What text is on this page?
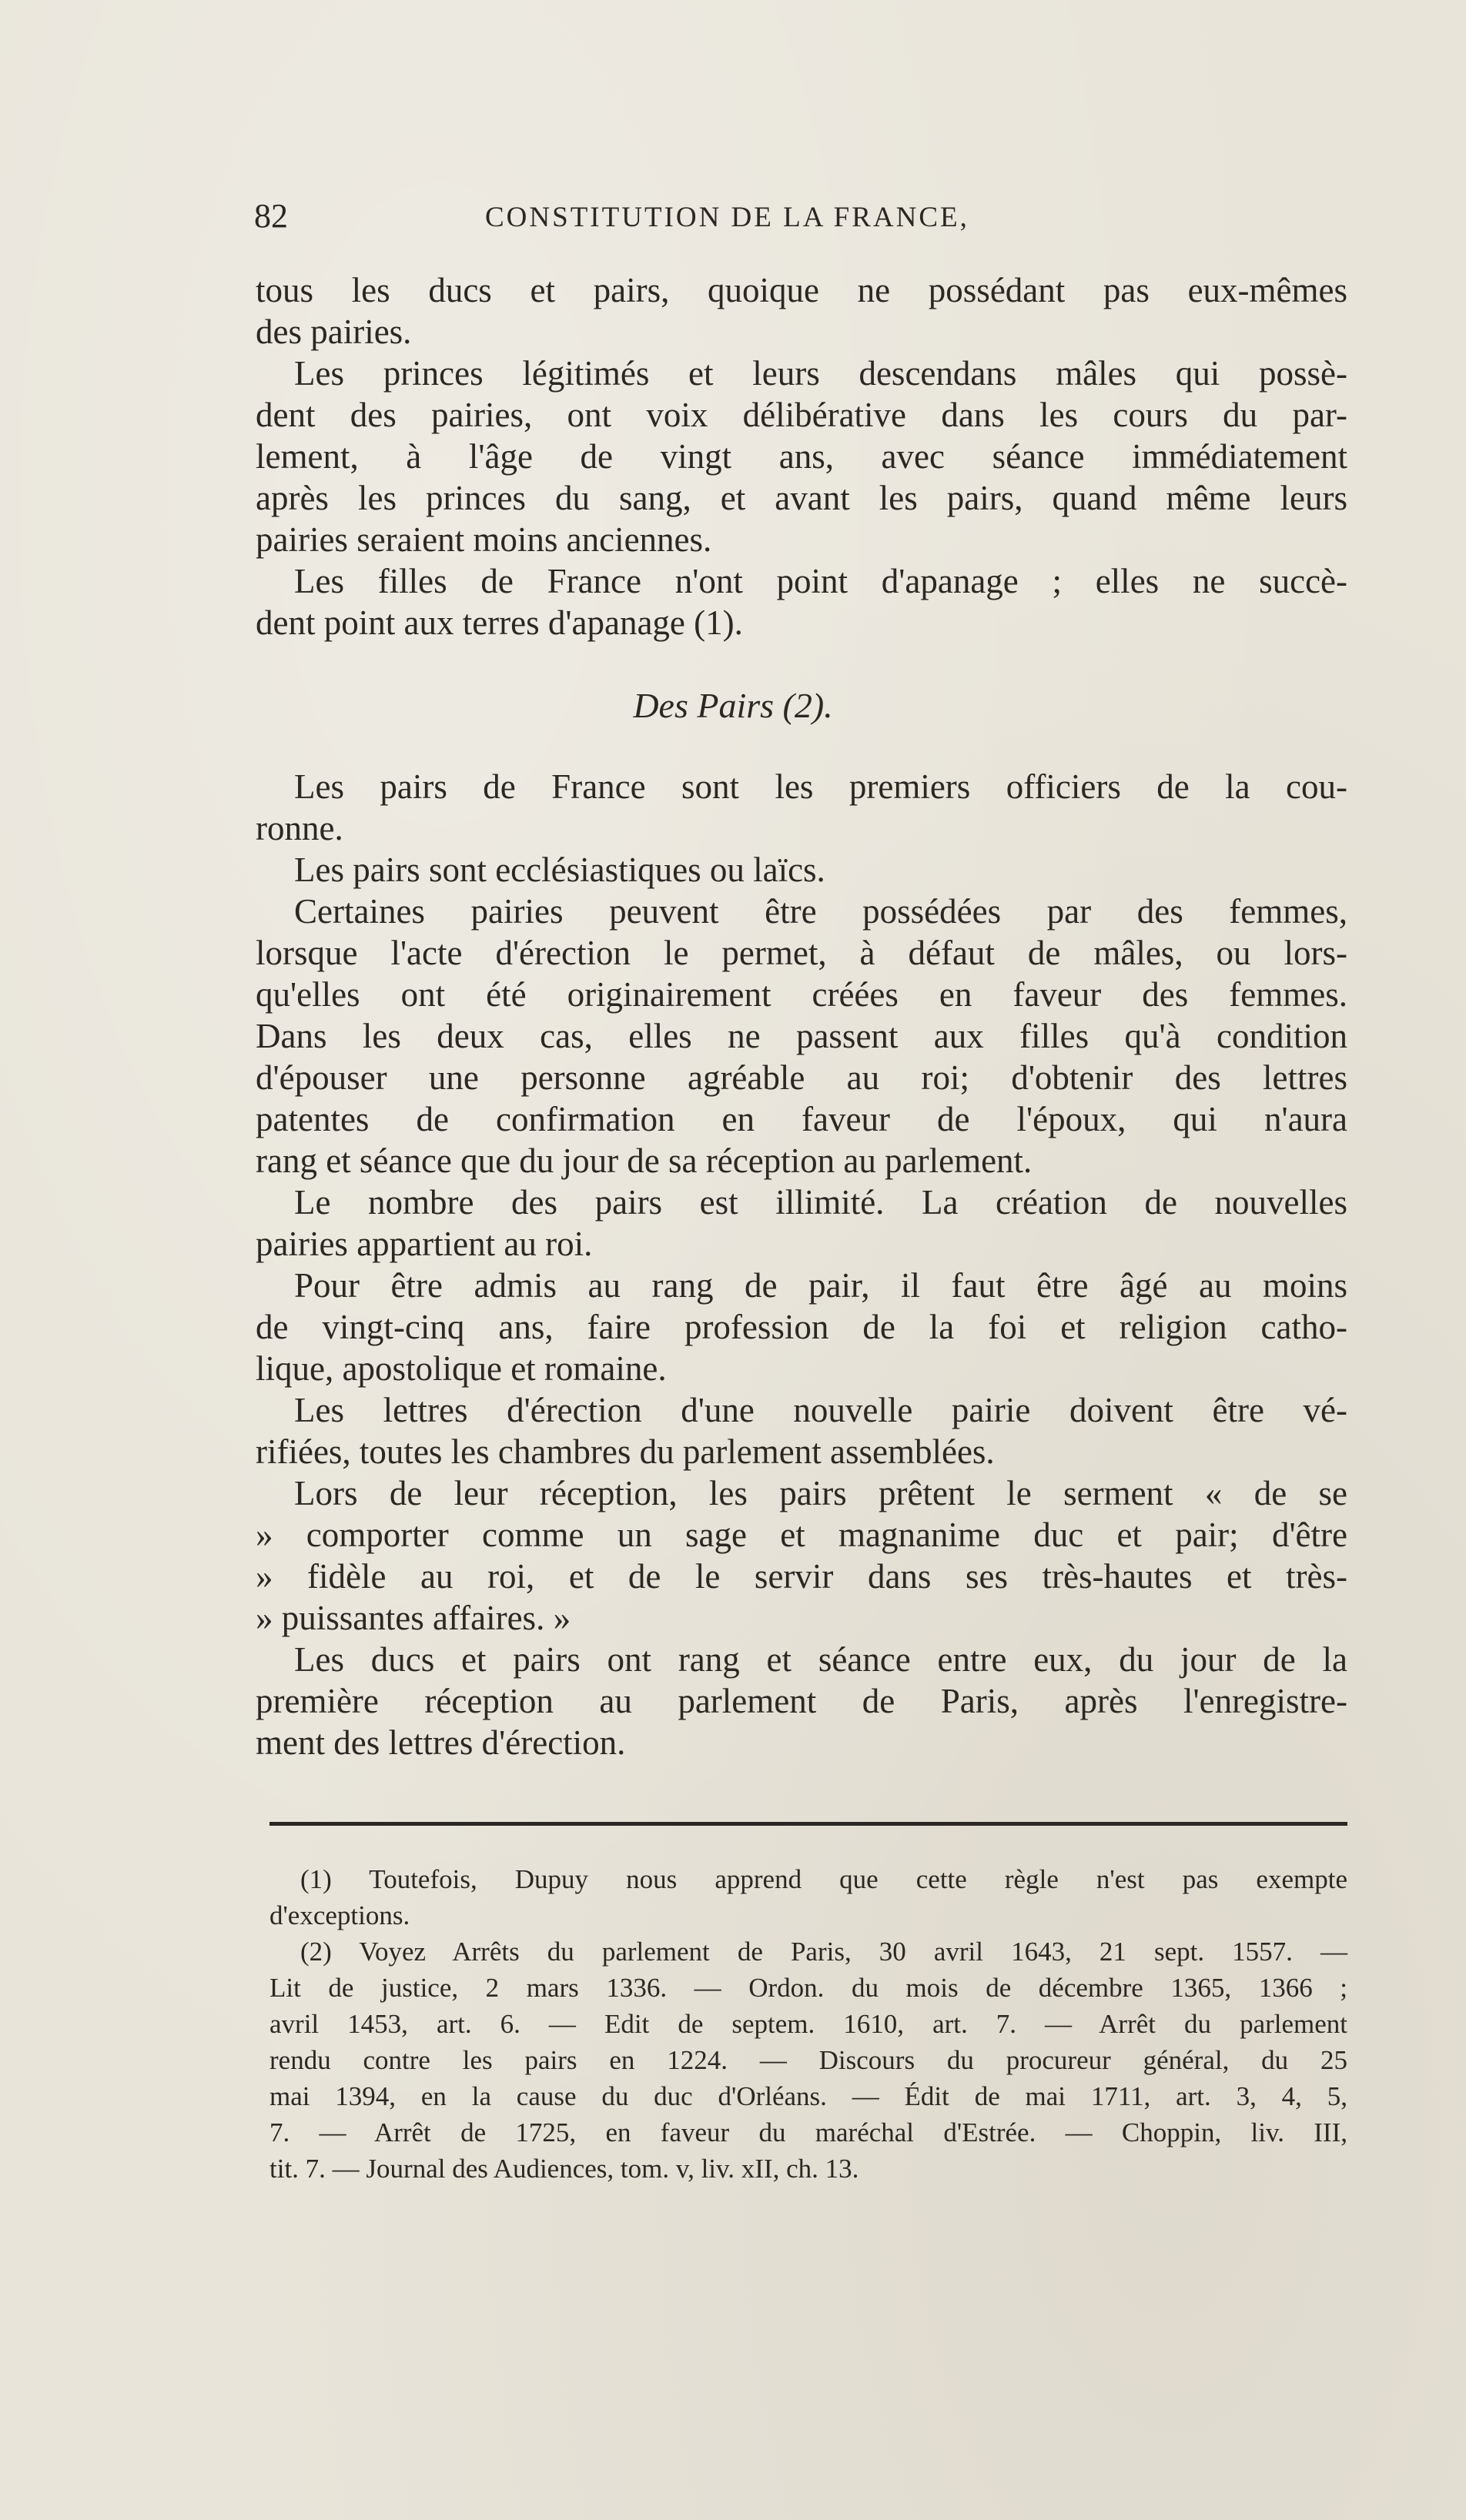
82	CONSTITUTION DE LA FRANCE,
tous les ducs et pairs, quoique ne possédant pas eux-mêmes
des pairies.
Les princes légitimés et leurs descendans mâles qui possè-
dent des pairies, ont voix délibérative dans les cours du par-
lement, à l'âge de vingt ans, avec séance immédiatement
après les princes du sang, et avant les pairs, quand même leurs
pairies seraient moins anciennes.
Les filles de France n'ont point d'apanage ; elles ne succè-
dent point aux terres d'apanage (1).
Des Pairs (2).
Les pairs de France sont les premiers officiers de la cou-
ronne.
Les pairs sont ecclésiastiques ou laïcs.
Certaines pairies peuvent être possédées par des femmes,
lorsque l'acte d'érection le permet, à défaut de mâles, ou lors-
qu'elles ont été originairement créées en faveur des femmes.
Dans les deux cas, elles ne passent aux filles qu'à condition
d'épouser une personne agréable au roi; d'obtenir des lettres
patentes de confirmation en faveur de l'époux, qui n'aura
rang et séance que du jour de sa réception au parlement.
Le nombre des pairs est illimité. La création de nouvelles
pairies appartient au roi.
Pour être admis au rang de pair, il faut être âgé au moins
de vingt-cinq ans, faire profession de la foi et religion catho-
lique, apostolique et romaine.
Les lettres d'érection d'une nouvelle pairie doivent être vé-
rifiées, toutes les chambres du parlement assemblées.
Lors de leur réception, les pairs prêtent le serment « de se
» comporter comme un sage et magnanime duc et pair; d'être
» fidèle au roi, et de le servir dans ses très-hautes et très-
» puissantes affaires. »
Les ducs et pairs ont rang et séance entre eux, du jour de la
première réception au parlement de Paris, après l'enregistre-
ment des lettres d'érection.
(1) Toutefois, Dupuy nous apprend que cette règle n'est pas exempte
d'exceptions.
(2) Voyez Arrêts du parlement de Paris, 30 avril 1643, 21 sept. 1557. —
Lit de justice, 2 mars 1336. — Ordon. du mois de décembre 1365, 1366 ;
avril 1453, art. 6. — Edit de septem. 1610, art. 7. — Arrêt du parlement
rendu contre les pairs en 1224. — Discours du procureur général, du 25
mai 1394, en la cause du duc d'Orléans. — Édit de mai 1711, art. 3, 4, 5,
7. — Arrêt de 1725, en faveur du maréchal d'Estrée. — Choppin, liv. III,
tit. 7. — Journal des Audiences, tom. v, liv. xII, ch. 13.
